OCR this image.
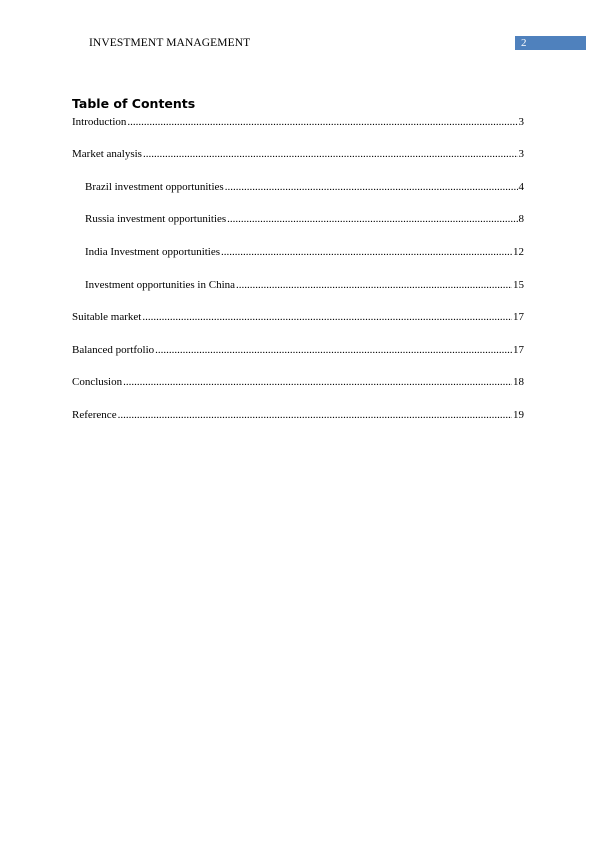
INVESTMENT MANAGEMENT	2
Table of Contents
Introduction .....	3
Market analysis .....	3
Brazil investment opportunities .....	4
Russia investment opportunities .....	8
India Investment opportunities .....	12
Investment opportunities in China .....	15
Suitable market .....	17
Balanced portfolio .....	17
Conclusion .....	18
Reference .....	19
